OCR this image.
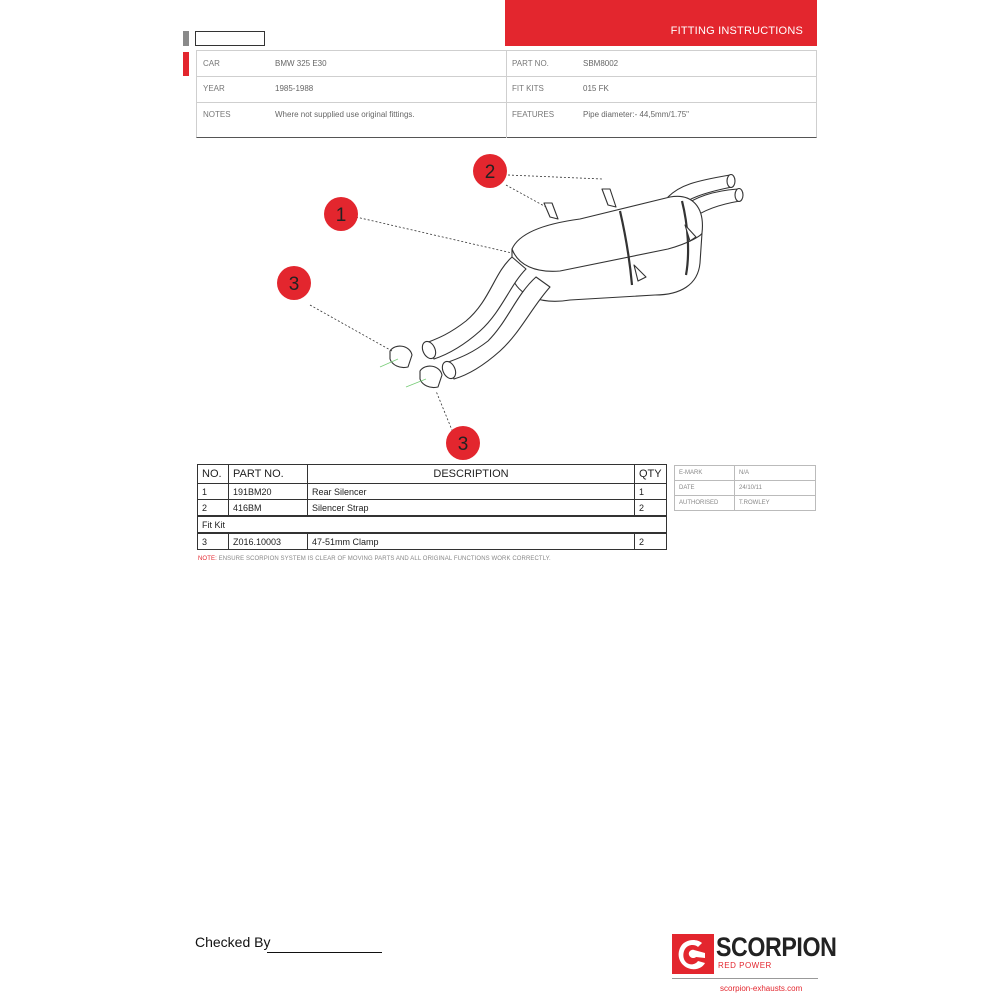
FITTING INSTRUCTIONS
CAR	BMW 325 E30
YEAR	1985-1988
NOTES	Where not supplied use original fittings.
PART NO.	SBM8002
FIT KITS	015 FK
FEATURES	Pipe diameter:- 44,5mm/1.75"
1
2
3
3
NO.	PART NO.	DESCRIPTION	QTY
1	191BM20	Rear Silencer	1
2	416BM	Silencer Strap	2
Fit Kit			
3	Z016.10003	47-51mm Clamp	2
NOTE: ENSURE SCORPION SYSTEM IS CLEAR OF MOVING PARTS AND ALL ORIGINAL FUNCTIONS WORK CORRECTLY.
E-MARK	N/A
DATE	24/10/11
AUTHORISED	T.ROWLEY
Checked By	SCORPION
RED POWER
scorpion-exhausts.com
